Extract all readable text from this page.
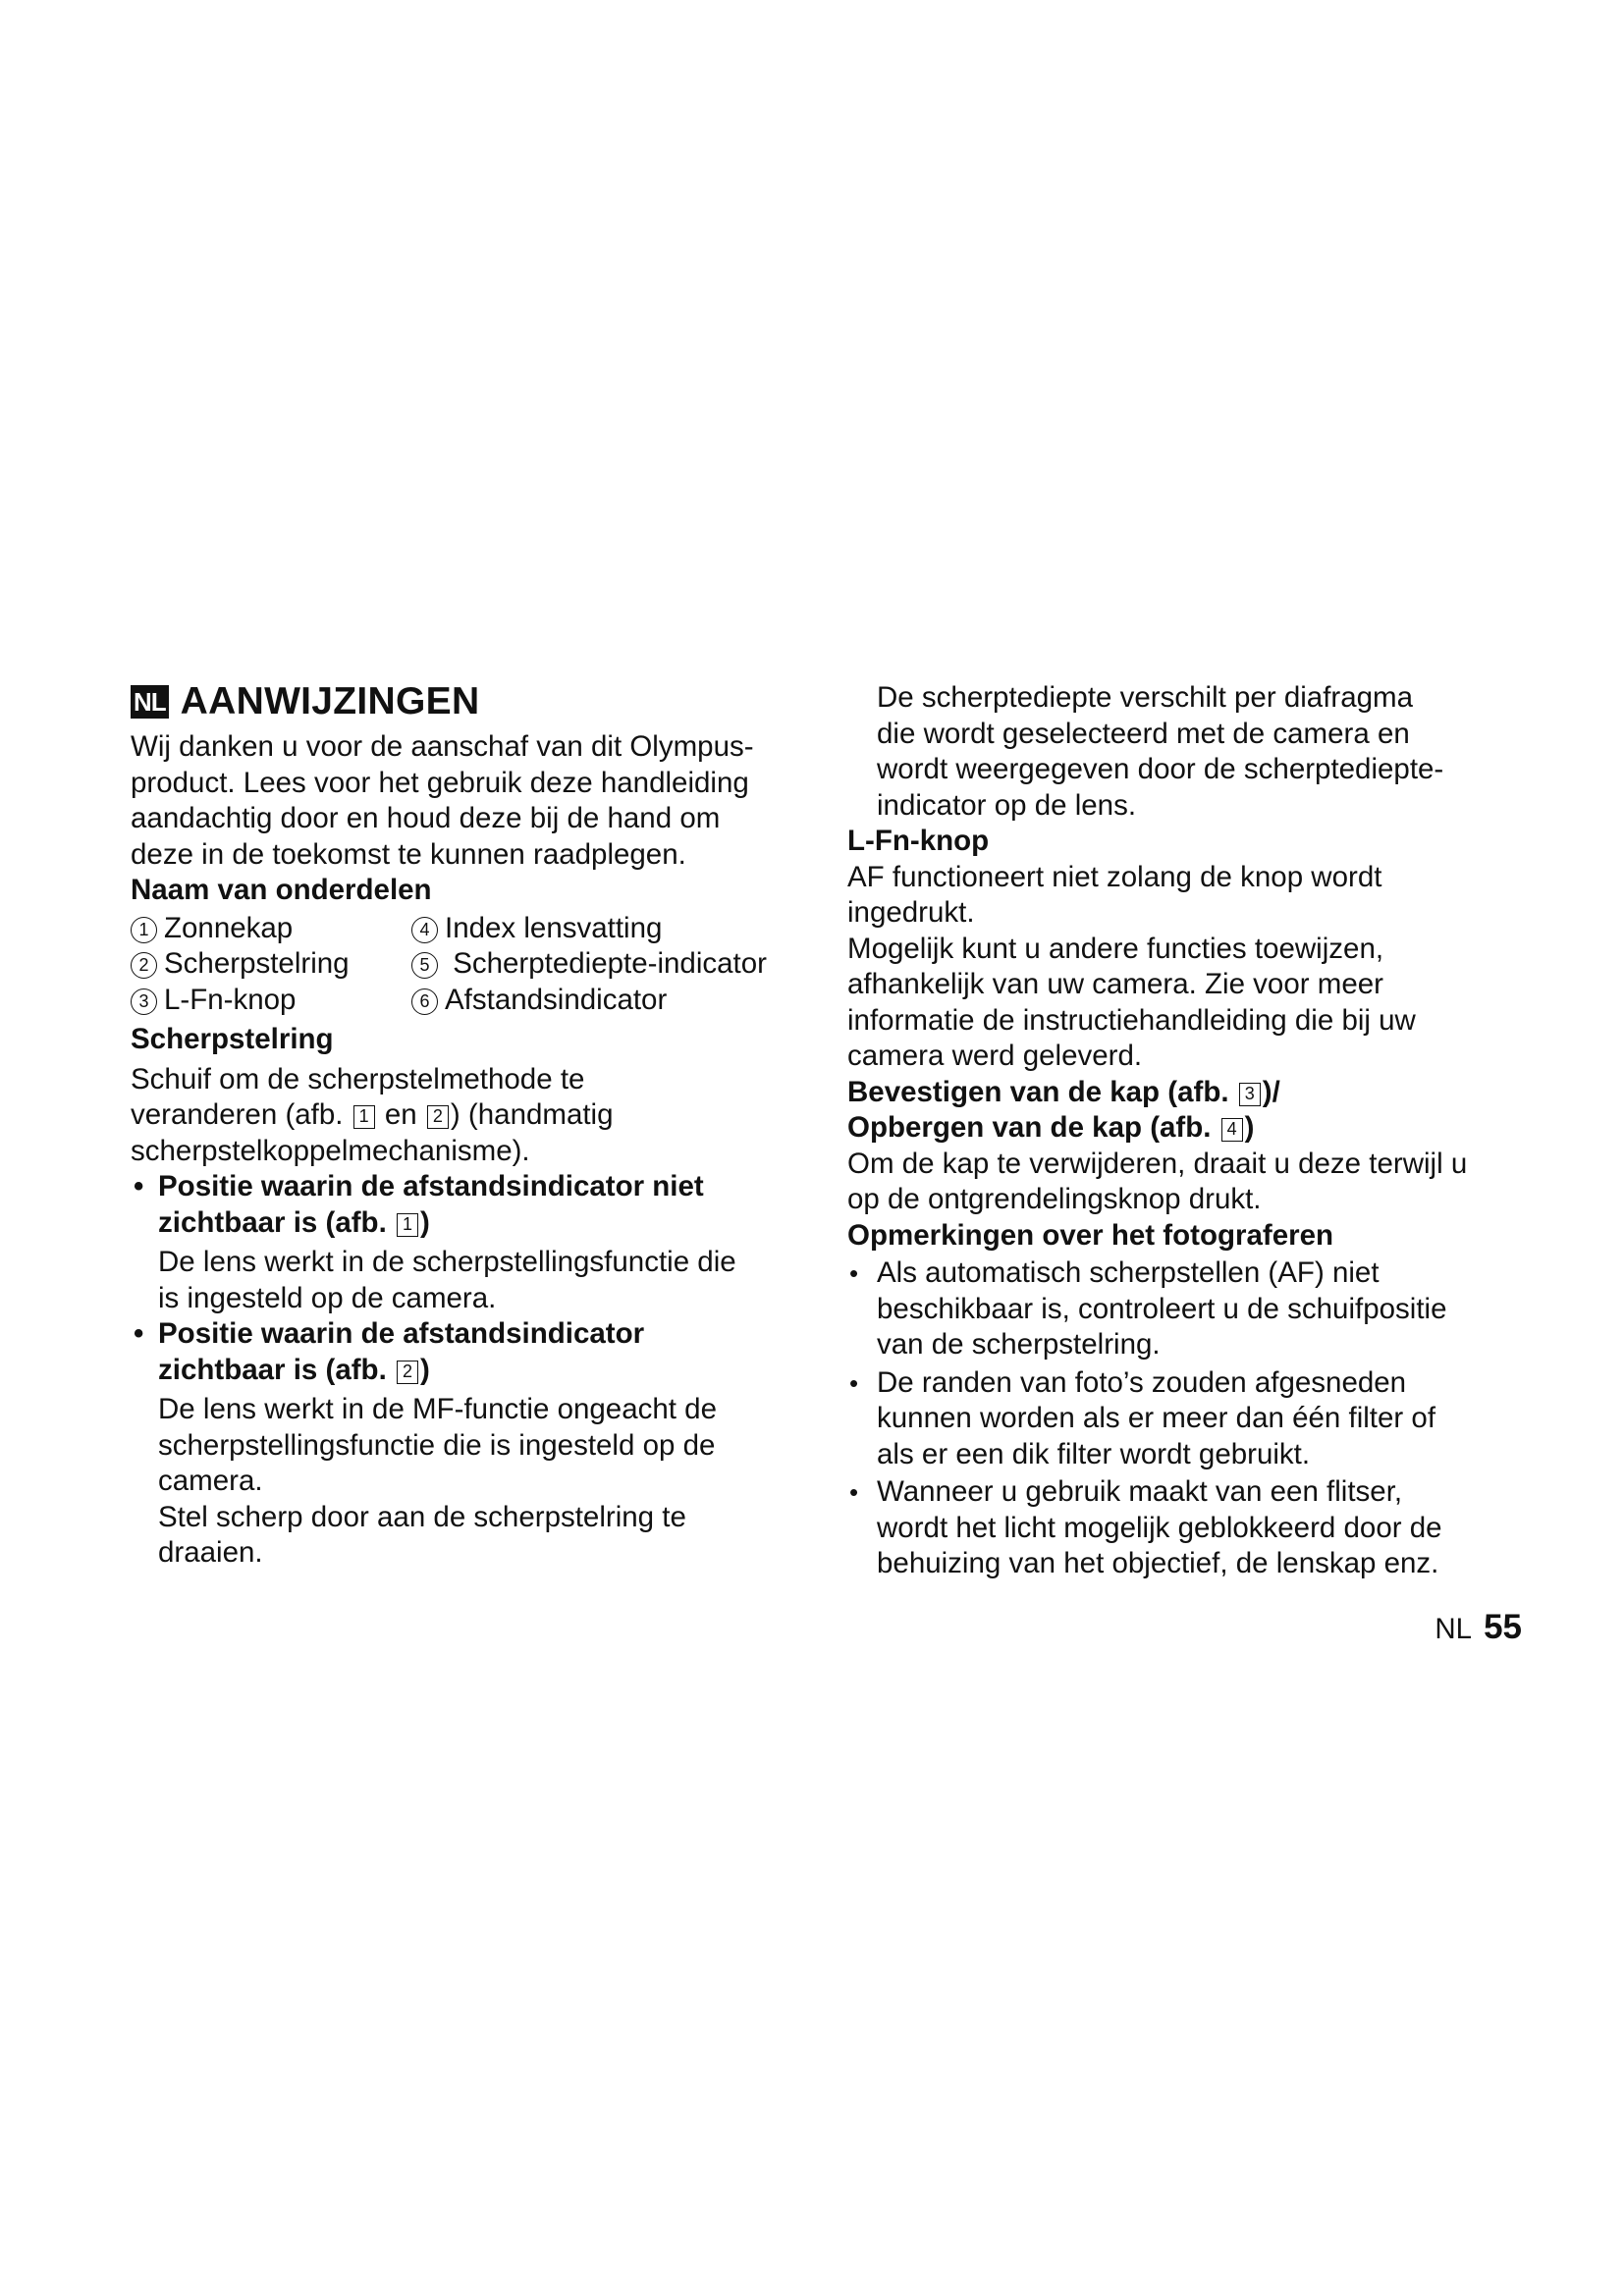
NL AANWIJZINGEN

Wij danken u voor de aanschaf van dit Olympus-

product. Lees voor het gebruik deze handleiding

aandachtig door en houd deze bij de hand om

deze in de toekomst te kunnen raadplegen.

Naam van onderdelen

1 Zonnekap	4 Index lensvatting
2 Scherpstelring	5 Scherptediepte-indicator
3 L-Fn-knop	6 Afstandsindicator

Scherpstelring

Schuif om de scherpstelmethode te

veranderen (afb. 1 en 2 ) (handmatig

scherpstelkoppelmechanisme).

• Positie waarin de afstandsindicator niet

zichtbaar is (afb. 1 )

De lens werkt in de scherpstellingsfunctie die

is ingesteld op de camera.

• Positie waarin de afstandsindicator

zichtbaar is (afb. 2 )

De lens werkt in de MF-functie ongeacht de

scherpstellingsfunctie die is ingesteld op de

camera.

Stel scherp door aan de scherpstelring te

draaien.

De scherptediepte verschilt per diafragma

die wordt geselecteerd met de camera en

wordt weergegeven door de scherptediepte-

indicator op de lens.

L-Fn-knop

AF functioneert niet zolang de knop wordt

ingedrukt.

Mogelijk kunt u andere functies toewijzen,

afhankelijk van uw camera. Zie voor meer

informatie de instructiehandleiding die bij uw

camera werd geleverd.

Bevestigen van de kap (afb. 3 )/

Opbergen van de kap (afb. 4 )

Om de kap te verwijderen, draait u deze terwijl u

op de ontgrendelingsknop drukt.

Opmerkingen over het fotograferen

• Als automatisch scherpstellen (AF) niet

beschikbaar is, controleert u de schuifpositie

van de scherpstelring.

• De randen van foto’s zouden afgesneden

kunnen worden als er meer dan één filter of

als er een dik filter wordt gebruikt.

• Wanneer u gebruik maakt van een flitser,

wordt het licht mogelijk geblokkeerd door de

behuizing van het objectief, de lenskap enz.

NL 55
